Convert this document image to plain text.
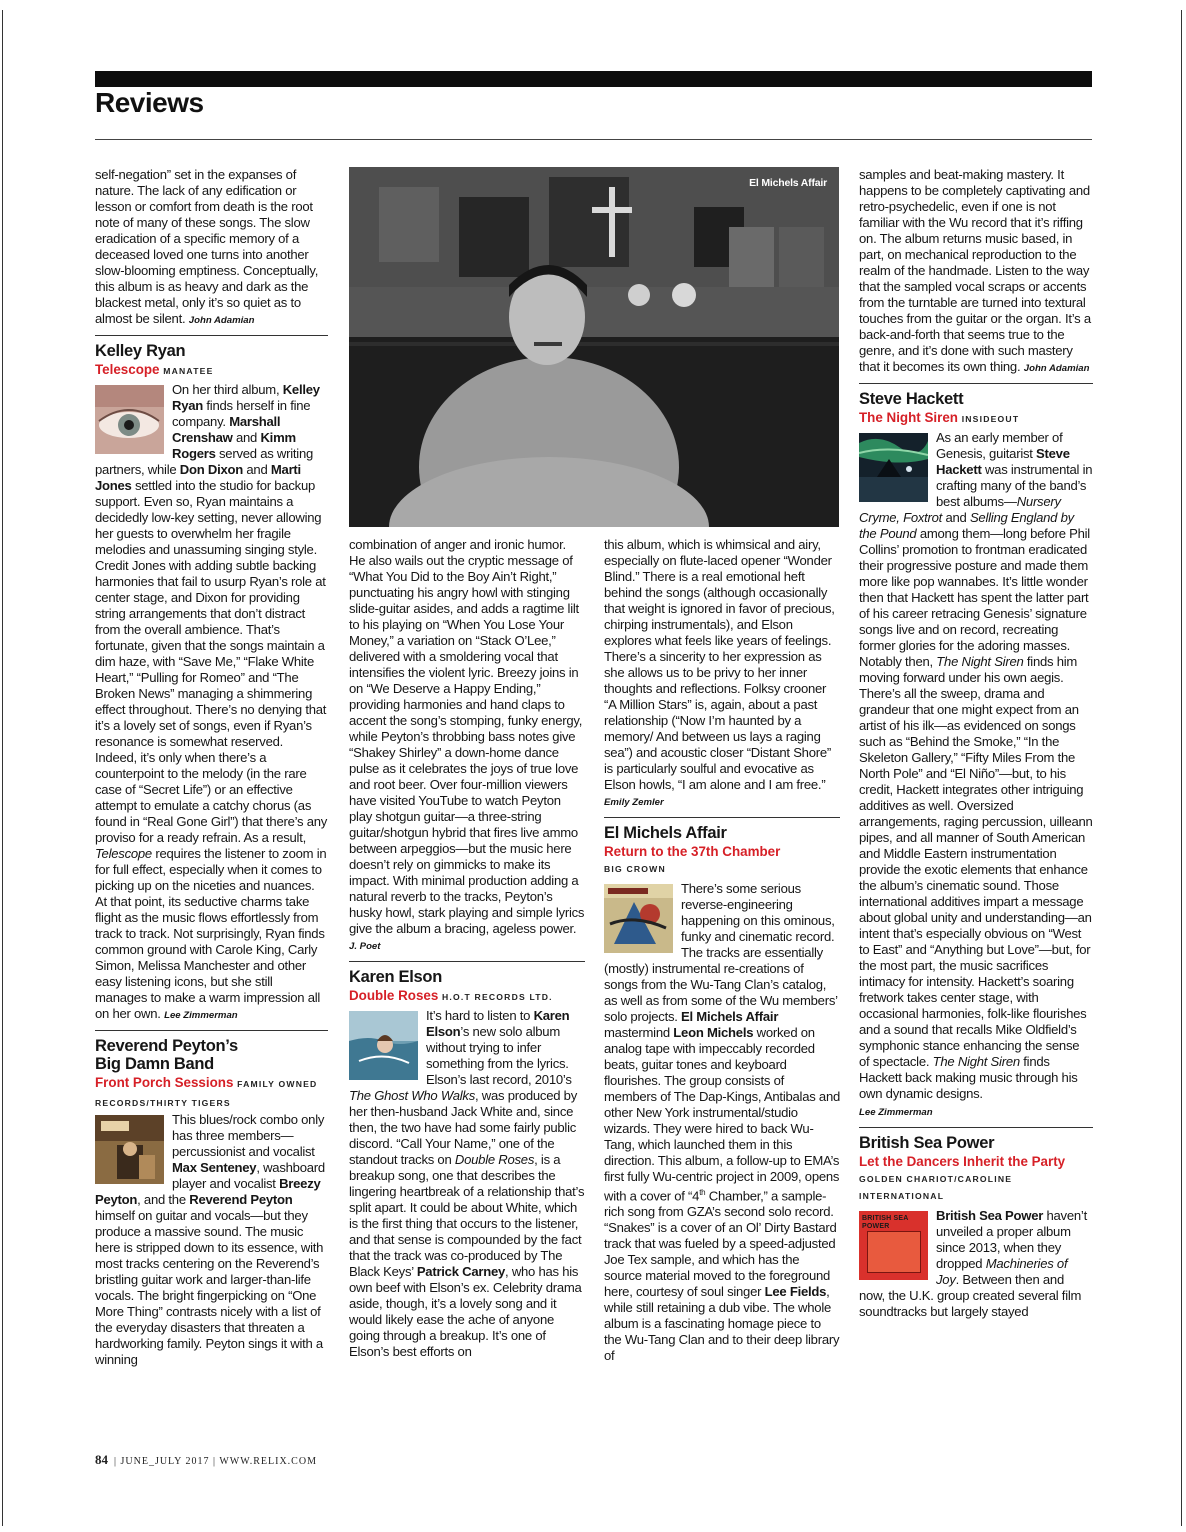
Reviews

self-negation” set in the expanses of nature. The lack of any edification or lesson or comfort from death is the root note of many of these songs. The slow eradication of a specific memory of a deceased loved one turns into another slow-blooming emptiness. Conceptually, this album is as heavy and dark as the blackest metal, only it’s so quiet as to almost be silent. John Adamian

Kelley Ryan

Telescope MANATEE

On her third album, Kelley Ryan finds herself in fine company. Marshall Crenshaw and Kimm Rogers served as writing partners, while Don Dixon and Marti Jones settled into the studio for backup support. Even so, Ryan maintains a decidedly low-key setting, never allowing her guests to overwhelm her fragile melodies and unassuming singing style. Credit Jones with adding subtle backing harmonies that fail to usurp Ryan’s role at center stage, and Dixon for providing string arrangements that don’t distract from the overall ambience. That’s fortunate, given that the songs maintain a dim haze, with “Save Me,” “Flake White Heart,” “Pulling for Romeo” and “The Broken News” managing a shimmering effect throughout. There’s no denying that it’s a lovely set of songs, even if Ryan’s resonance is somewhat reserved. Indeed, it’s only when there’s a counterpoint to the melody (in the rare case of “Secret Life”) or an effective attempt to emulate a catchy chorus (as found in “Real Gone Girl”) that there’s any proviso for a ready refrain. As a result, Telescope requires the listener to zoom in for full effect, especially when it comes to picking up on the niceties and nuances. At that point, its seductive charms take flight as the music flows effortlessly from track to track. Not surprisingly, Ryan finds common ground with Carole King, Carly Simon, Melissa Manchester and other easy listening icons, but she still manages to make a warm impression all on her own. Lee Zimmerman

Reverend Peyton’s Big Damn Band

Front Porch Sessions FAMILY OWNED RECORDS/THIRTY TIGERS

This blues/rock combo only has three members—percussionist and vocalist Max Senteney, washboard player and vocalist Breezy Peyton, and the Reverend Peyton himself on guitar and vocals—but they produce a massive sound. The music here is stripped down to its essence, with most tracks centering on the Reverend’s bristling guitar work and larger-than-life vocals. The bright fingerpicking on “One More Thing” contrasts nicely with a list of the everyday disasters that threaten a hardworking family. Peyton sings it with a winning

El Michels Affair

combination of anger and ironic humor. He also wails out the cryptic message of “What You Did to the Boy Ain’t Right,” punctuating his angry howl with stinging slide-guitar asides, and adds a ragtime lilt to his playing on “When You Lose Your Money,” a variation on “Stack O’Lee,” delivered with a smoldering vocal that intensifies the violent lyric. Breezy joins in on “We Deserve a Happy Ending,” providing harmonies and hand claps to accent the song’s stomping, funky energy, while Peyton’s throbbing bass notes give “Shakey Shirley” a down-home dance pulse as it celebrates the joys of true love and root beer. Over four-million viewers have visited YouTube to watch Peyton play shotgun guitar—a three-string guitar/shotgun hybrid that fires live ammo between arpeggios—but the music here doesn’t rely on gimmicks to make its impact. With minimal production adding a natural reverb to the tracks, Peyton’s husky howl, stark playing and simple lyrics give the album a bracing, ageless power. J. Poet

Karen Elson

Double Roses H.O.T RECORDS LTD.

It’s hard to listen to Karen Elson’s new solo album without trying to infer something from the lyrics. Elson’s last record, 2010’s The Ghost Who Walks, was produced by her then-husband Jack White and, since then, the two have had some fairly public discord. “Call Your Name,” one of the standout tracks on Double Roses, is a breakup song, one that describes the lingering heartbreak of a relationship that’s split apart. It could be about White, which is the first thing that occurs to the listener, and that sense is compounded by the fact that the track was co-produced by The Black Keys’ Patrick Carney, who has his own beef with Elson’s ex. Celebrity drama aside, though, it’s a lovely song and it would likely ease the ache of anyone going through a breakup. It’s one of Elson’s best efforts on

this album, which is whimsical and airy, especially on flute-laced opener “Wonder Blind.” There is a real emotional heft behind the songs (although occasionally that weight is ignored in favor of precious, chirping instrumentals), and Elson explores what feels like years of feelings. There’s a sincerity to her expression as she allows us to be privy to her inner thoughts and reflections. Folksy crooner “A Million Stars” is, again, about a past relationship (“Now I’m haunted by a memory/ And between us lays a raging sea”) and acoustic closer “Distant Shore” is particularly soulful and evocative as Elson howls, “I am alone and I am free.” Emily Zemler

El Michels Affair

Return to the 37th Chamber

BIG CROWN

There’s some serious reverse-engineering happening on this ominous, funky and cinematic record. The tracks are essentially (mostly) instrumental re-creations of songs from the Wu-Tang Clan’s catalog, as well as from some of the Wu members’ solo projects. El Michels Affair mastermind Leon Michels worked on analog tape with impeccably recorded beats, guitar tones and keyboard flourishes. The group consists of members of The Dap-Kings, Antibalas and other New York instrumental/studio wizards. They were hired to back Wu-Tang, which launched them in this direction. This album, a follow-up to EMA’s first fully Wu-centric project in 2009, opens with a cover of “4th Chamber,” a sample-rich song from GZA’s second solo record. “Snakes” is a cover of an Ol’ Dirty Bastard track that was fueled by a speed-adjusted Joe Tex sample, and which has the source material moved to the foreground here, courtesy of soul singer Lee Fields, while still retaining a dub vibe. The whole album is a fascinating homage piece to the Wu-Tang Clan and to their deep library of

samples and beat-making mastery. It happens to be completely captivating and retro-psychedelic, even if one is not familiar with the Wu record that it’s riffing on. The album returns music based, in part, on mechanical reproduction to the realm of the handmade. Listen to the way that the sampled vocal scraps or accents from the turntable are turned into textural touches from the guitar or the organ. It’s a back-and-forth that seems true to the genre, and it’s done with such mastery that it becomes its own thing. John Adamian

Steve Hackett

The Night Siren INSIDEOUT

As an early member of Genesis, guitarist Steve Hackett was instrumental in crafting many of the band’s best albums—Nursery Cryme, Foxtrot and Selling England by the Pound among them—long before Phil Collins’ promotion to frontman eradicated their progressive posture and made them more like pop wannabes. It’s little wonder then that Hackett has spent the latter part of his career retracing Genesis’ signature songs live and on record, recreating former glories for the adoring masses. Notably then, The Night Siren finds him moving forward under his own aegis. There’s all the sweep, drama and grandeur that one might expect from an artist of his ilk—as evidenced on songs such as “Behind the Smoke,” “In the Skeleton Gallery,” “Fifty Miles From the North Pole” and “El Niño”—but, to his credit, Hackett integrates other intriguing additives as well. Oversized arrangements, raging percussion, uilleann pipes, and all manner of South American and Middle Eastern instrumentation provide the exotic elements that enhance the album’s cinematic sound. Those international additives impart a message about global unity and understanding—an intent that’s especially obvious on “West to East” and “Anything but Love”—but, for the most part, the music sacrifices intimacy for intensity. Hackett’s soaring fretwork takes center stage, with occasional harmonies, folk-like flourishes and a sound that recalls Mike Oldfield’s symphonic stance enhancing the sense of spectacle. The Night Siren finds Hackett back making music through his own dynamic designs.

Lee Zimmerman

British Sea Power

Let the Dancers Inherit the Party

GOLDEN CHARIOT/CAROLINE INTERNATIONAL

BRITISH SEA POWER

British Sea Power haven’t unveiled a proper album since 2013, when they dropped Machineries of Joy. Between then and now, the U.K. group created several film soundtracks but largely stayed

84 | JUNE_JULY 2017 | WWW.RELIX.COM
